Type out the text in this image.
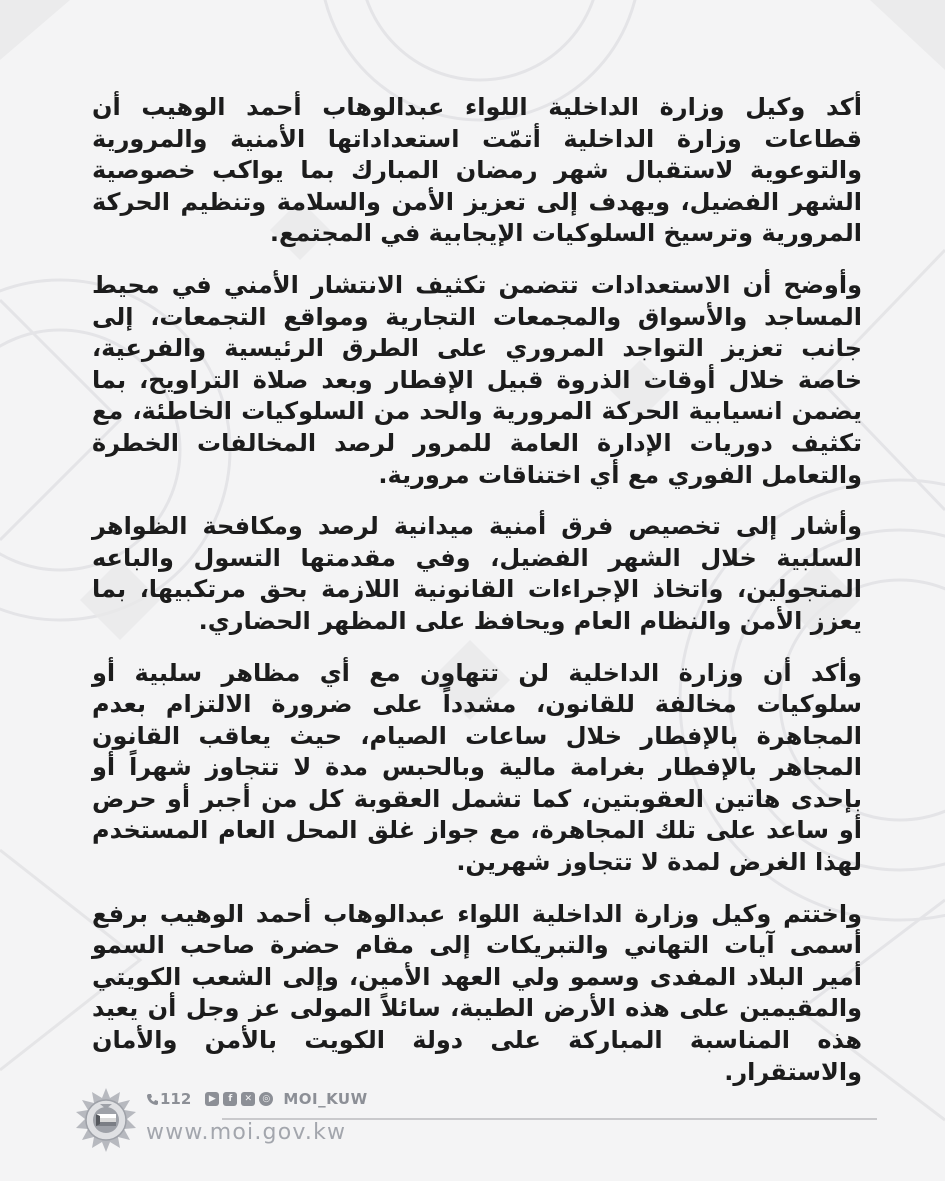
أكد وكيل وزارة الداخلية اللواء عبدالوهاب أحمد الوهيب أن قطاعات وزارة الداخلية أتمّت استعداداتها الأمنية والمرورية والتوعوية لاستقبال شهر رمضان المبارك بما يواكب خصوصية الشهر الفضيل، ويهدف إلى تعزيز الأمن والسلامة وتنظيم الحركة المرورية وترسيخ السلوكيات الإيجابية في المجتمع.

وأوضح أن الاستعدادات تتضمن تكثيف الانتشار الأمني في محيط المساجد والأسواق والمجمعات التجارية ومواقع التجمعات، إلى جانب تعزيز التواجد المروري على الطرق الرئيسية والفرعية، خاصة خلال أوقات الذروة قبيل الإفطار وبعد صلاة التراويح، بما يضمن انسيابية الحركة المرورية والحد من السلوكيات الخاطئة، مع تكثيف دوريات الإدارة العامة للمرور لرصد المخالفات الخطرة والتعامل الفوري مع أي اختناقات مرورية.

وأشار إلى تخصيص فرق أمنية ميدانية لرصد ومكافحة الظواهر السلبية خلال الشهر الفضيل، وفي مقدمتها التسول والباعه المتجولين، واتخاذ الإجراءات القانونية اللازمة بحق مرتكبيها، بما يعزز الأمن والنظام العام ويحافظ على المظهر الحضاري.

وأكد أن وزارة الداخلية لن تتهاون مع أي مظاهر سلبية أو سلوكيات مخالفة للقانون، مشدداً على ضرورة الالتزام بعدم المجاهرة بالإفطار خلال ساعات الصيام، حيث يعاقب القانون المجاهر بالإفطار بغرامة مالية وبالحبس مدة لا تتجاوز شهراً أو بإحدى هاتين العقوبتين، كما تشمل العقوبة كل من أجبر أو حرض أو ساعد على تلك المجاهرة، مع جواز غلق المحل العام المستخدم لهذا الغرض لمدة لا تتجاوز شهرين.

واختتم وكيل وزارة الداخلية اللواء عبدالوهاب أحمد الوهيب برفع أسمى آيات التهاني والتبريكات إلى مقام حضرة صاحب السمو أمير البلاد المفدى وسمو ولي العهد الأمين، وإلى الشعب الكويتي والمقيمين على هذه الأرض الطيبة، سائلاً المولى عز وجل أن يعيد هذه المناسبة المباركة على دولة الكويت بالأمن والأمان والاستقرار.

112	▶	f	✕	◎ MOI_KUW
www.moi.gov.kw
